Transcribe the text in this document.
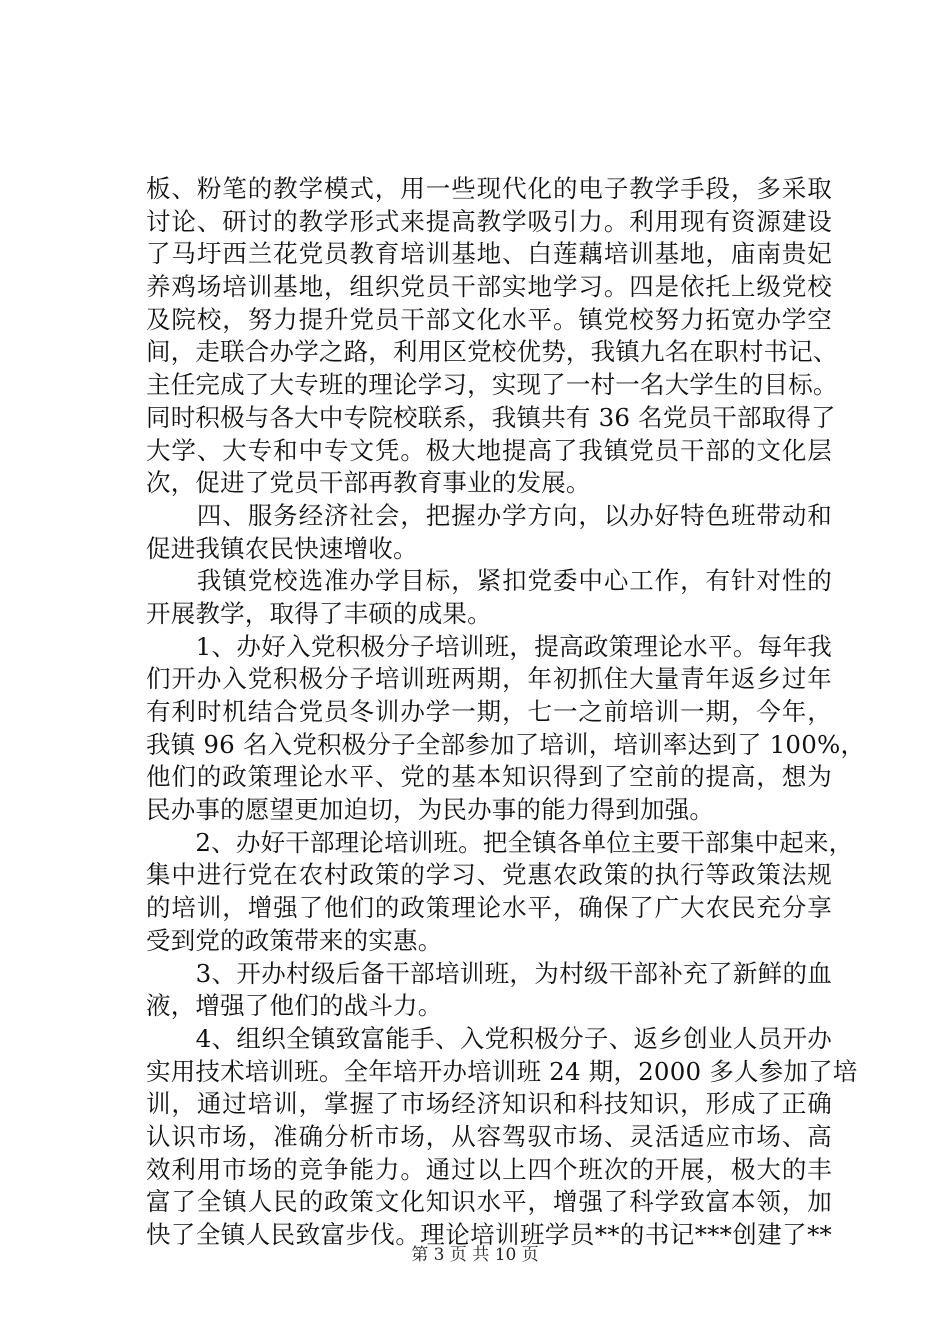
板、粉笔的教学模式，用一些现代化的电子教学手段，多采取
讨论、研讨的教学形式来提高教学吸引力。利用现有资源建设
了马圩西兰花党员教育培训基地、白莲藕培训基地，庙南贵妃
养鸡场培训基地，组织党员干部实地学习。四是依托上级党校
及院校，努力提升党员干部文化水平。镇党校努力拓宽办学空
间，走联合办学之路，利用区党校优势，我镇九名在职村书记、
主任完成了大专班的理论学习，实现了一村一名大学生的目标。
同时积极与各大中专院校联系，我镇共有 36 名党员干部取得了
大学、大专和中专文凭。极大地提高了我镇党员干部的文化层
次，促进了党员干部再教育事业的发展。
　　四、服务经济社会，把握办学方向，以办好特色班带动和
促进我镇农民快速增收。
　　我镇党校选准办学目标，紧扣党委中心工作，有针对性的
开展教学，取得了丰硕的成果。
　　1、办好入党积极分子培训班，提高政策理论水平。每年我
们开办入党积极分子培训班两期，年初抓住大量青年返乡过年
有利时机结合党员冬训办学一期，七一之前培训一期，今年，
我镇 96 名入党积极分子全部参加了培训，培训率达到了 100%，
他们的政策理论水平、党的基本知识得到了空前的提高，想为
民办事的愿望更加迫切，为民办事的能力得到加强。
　　2、办好干部理论培训班。把全镇各单位主要干部集中起来，
集中进行党在农村政策的学习、党惠农政策的执行等政策法规
的培训，增强了他们的政策理论水平，确保了广大农民充分享
受到党的政策带来的实惠。
　　3、开办村级后备干部培训班，为村级干部补充了新鲜的血
液，增强了他们的战斗力。
　　4、组织全镇致富能手、入党积极分子、返乡创业人员开办
实用技术培训班。全年培开办培训班 24 期，2000 多人参加了培
训，通过培训，掌握了市场经济知识和科技知识，形成了正确
认识市场，准确分析市场，从容驾驭市场、灵活适应市场、高
效利用市场的竞争能力。通过以上四个班次的开展，极大的丰
富了全镇人民的政策文化知识水平，增强了科学致富本领，加
快了全镇人民致富步伐。理论培训班学员**的书记***创建了**
第 3 页 共 10 页
